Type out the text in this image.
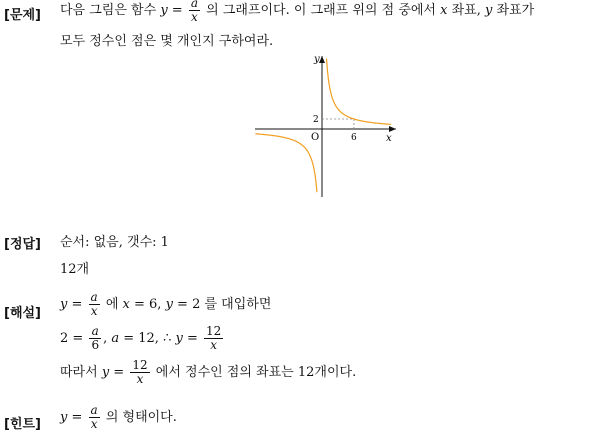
[문제]
[정답]
[해설]
[힌트]
다음 그림은 함수 $y = \frac{a}{x}$ 의 그래프이다. 이 그래프 위의 점 중에서 x 좌표, y 좌표가
모두 정수인 점은 몇 개인지 구하여라.
y
x
O
2
6
순서: 없음, 갯수: 1
12개
$y = \frac{a}{x}$ 에 x = 6, y = 2 를 대입하면
$2 = \frac{a}{6}$ , a = 12, ∴ $y = \frac{12}{x}$
따라서 $y = \frac{12}{x}$ 에서 정수인 점의 좌표는 12개이다.
$y = \frac{a}{x}$ 의 형태이다.
